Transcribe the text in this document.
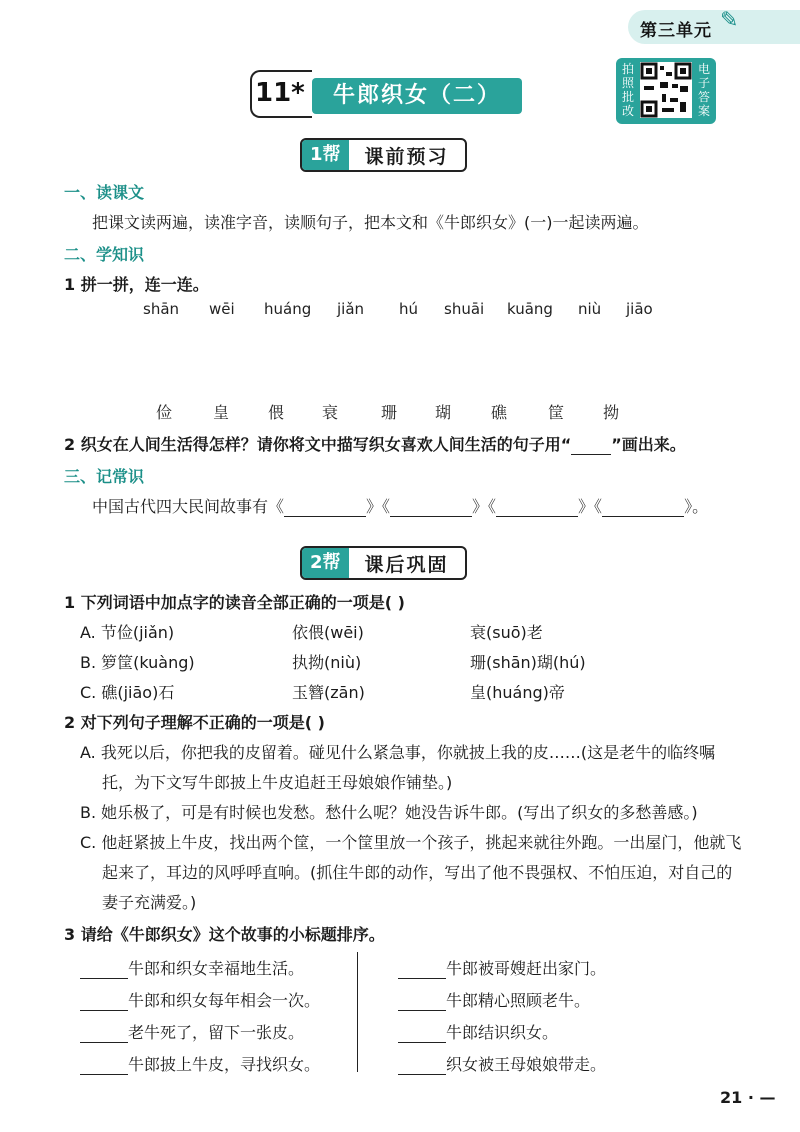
第三单元 ✎
11*	牛郎织女（二）
拍照批改
电子答案
1帮	课前预习
一、读课文
把课文读两遍，读准字音，读顺句子，把本文和《牛郎织女》(一)一起读两遍。
二、学知识
1 拼一拼，连一连。
shān wēi huáng jiǎn hú shuāi kuāng niù jiāo
俭	皇 偎 衰	珊 瑚 礁	筐 拗
2 织女在人间生活得怎样？请你将文中描写织女喜欢人间生活的句子用“	”画出来。
三、记常识
中国古代四大民间故事有《	》《	》《	》《	》。
2帮	课后巩固
1 下列词语中加点字的读音全部正确的一项是( )
A. 节俭(jiǎn)	依偎(wēi)	衰(suō)老
B. 箩筐(kuàng)	执拗(niù)	珊(shān)瑚(hú)
C. 礁(jiāo)石	玉簪(zān)	皇(huáng)帝
2 对下列句子理解不正确的一项是( )
A. 我死以后，你把我的皮留着。碰见什么紧急事，你就披上我的皮……(这是老牛的临终嘱
托，为下文写牛郎披上牛皮追赶王母娘娘作铺垫。)
B. 她乐极了，可是有时候也发愁。愁什么呢？她没告诉牛郎。(写出了织女的多愁善感。)
C. 他赶紧披上牛皮，找出两个筐，一个筐里放一个孩子，挑起来就往外跑。一出屋门，他就飞
起来了，耳边的风呼呼直响。(抓住牛郎的动作，写出了他不畏强权、不怕压迫，对自己的
妻子充满爱。)
3 请给《牛郎织女》这个故事的小标题排序。
牛郎和织女幸福地生活。
牛郎和织女每年相会一次。
老牛死了，留下一张皮。
牛郎披上牛皮，寻找织女。
牛郎被哥嫂赶出家门。
牛郎精心照顾老牛。
牛郎结识织女。
织女被王母娘娘带走。
21 · —
